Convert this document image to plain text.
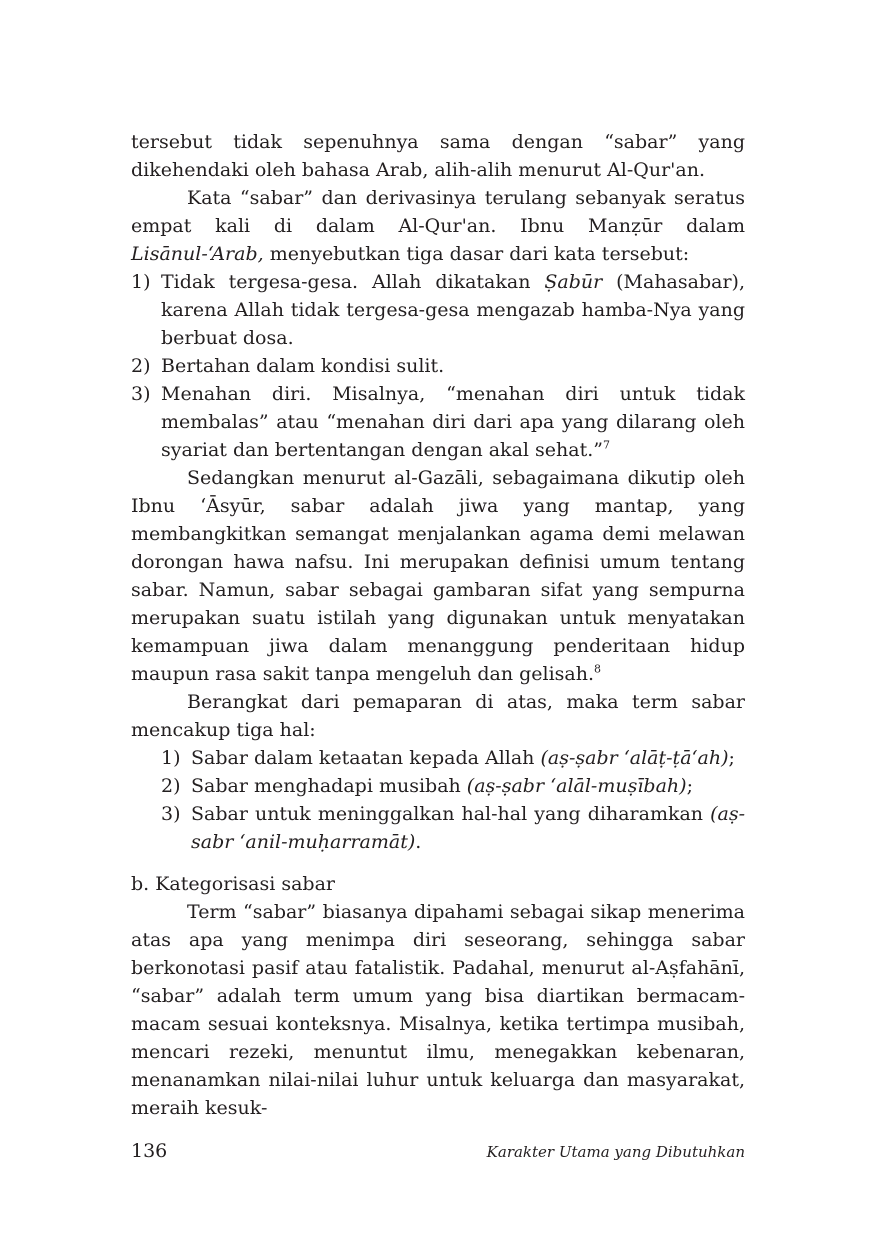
tersebut tidak sepenuhnya sama dengan “sabar” yang dikehendaki oleh bahasa Arab, alih-alih menurut Al-Qur'an.

Kata “sabar” dan derivasinya terulang sebanyak seratus empat kali di dalam Al-Qur'an. Ibnu Manẓūr dalam Lisānul-‘Arab, menyebutkan tiga dasar dari kata tersebut:

1) Tidak tergesa-gesa. Allah dikatakan Ṣabūr (Mahasabar), karena Allah tidak tergesa-gesa mengazab hamba-Nya yang berbuat dosa.
2) Bertahan dalam kondisi sulit.
3) Menahan diri. Misalnya, “menahan diri untuk tidak membalas” atau “menahan diri dari apa yang dilarang oleh syariat dan bertentangan dengan akal sehat.”$^7$

Sedangkan menurut al-Gazāli, sebagaimana dikutip oleh Ibnu ‘Āsyūr, sabar adalah jiwa yang mantap, yang membangkitkan semangat menjalankan agama demi melawan dorongan hawa nafsu. Ini merupakan definisi umum tentang sabar. Namun, sabar sebagai gambaran sifat yang sempurna merupakan suatu istilah yang digunakan untuk menyatakan kemampuan jiwa dalam menanggung penderitaan hidup maupun rasa sakit tanpa mengeluh dan gelisah.$^8$

Berangkat dari pemaparan di atas, maka term sabar mencakup tiga hal:

1) Sabar dalam ketaatan kepada Allah (aṣ-ṣabr ‘alāṭ-ṭā‘ah);
2) Sabar menghadapi musibah (aṣ-ṣabr ‘alāl-muṣībah);
3) Sabar untuk meninggalkan hal-hal yang diharamkan (aṣ-sabr ‘anil-muḥarramāt).

b. Kategorisasi sabar

Term “sabar” biasanya dipahami sebagai sikap menerima atas apa yang menimpa diri seseorang, sehingga sabar berkonotasi pasif atau fatalistik. Padahal, menurut al-Aṣfahānī, “sabar” adalah term umum yang bisa diartikan bermacam-macam sesuai konteksnya. Misalnya, ketika tertimpa musibah, mencari rezeki, menuntut ilmu, menegakkan kebenaran, menanamkan nilai-nilai luhur untuk keluarga dan masyarakat, meraih kesuk-

136	Karakter Utama yang Dibutuhkan
